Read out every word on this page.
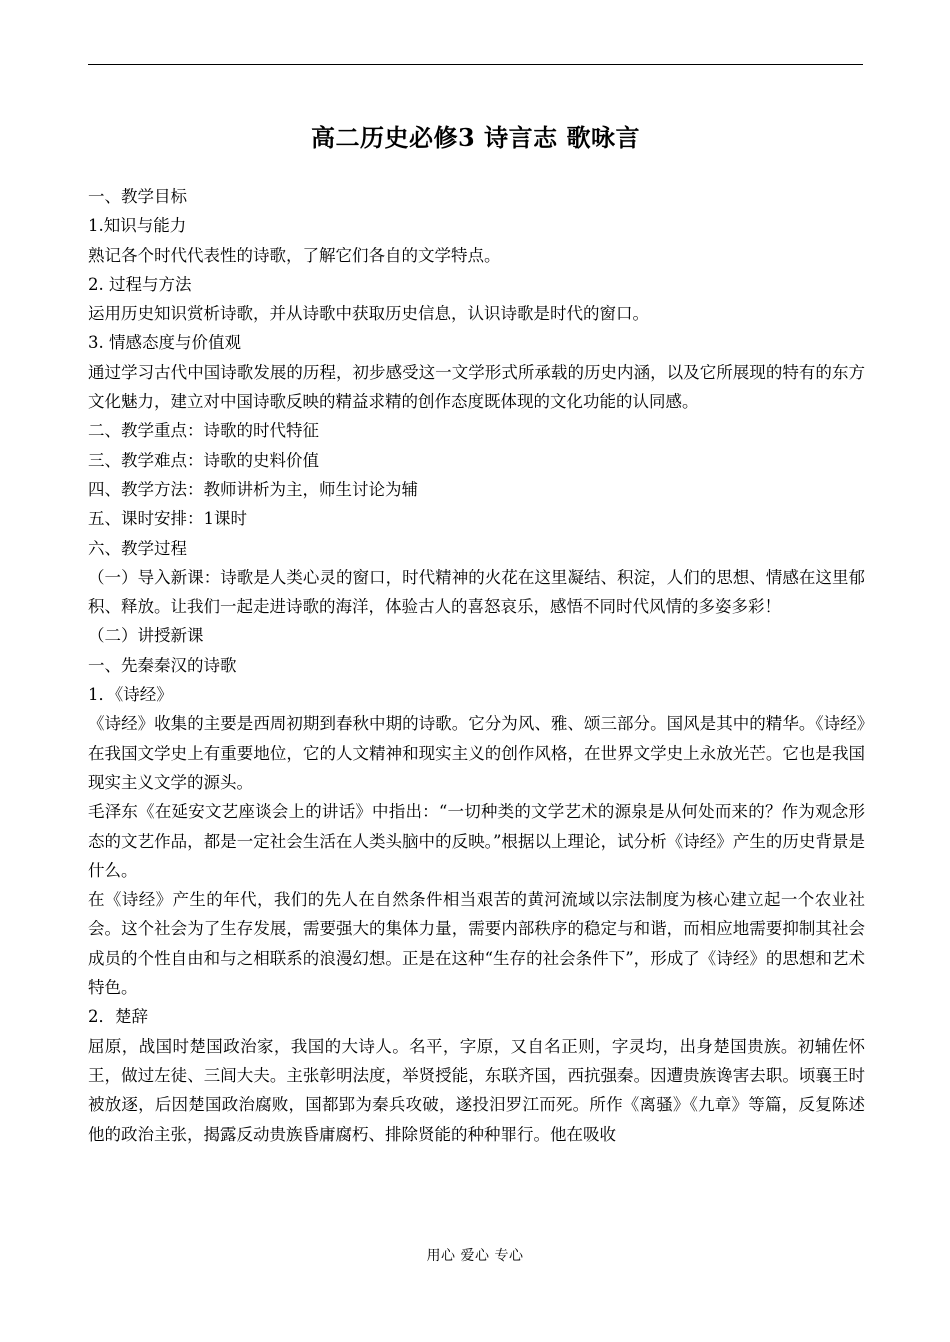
高二历史必修3 诗言志 歌咏言

一、教学目标

1.知识与能力

熟记各个时代代表性的诗歌，了解它们各自的文学特点。

2. 过程与方法

运用历史知识赏析诗歌，并从诗歌中获取历史信息，认识诗歌是时代的窗口。

3. 情感态度与价值观

通过学习古代中国诗歌发展的历程，初步感受这一文学形式所承载的历史内涵，以及它所展现的特有的东方文化魅力，建立对中国诗歌反映的精益求精的创作态度既体现的文化功能的认同感。

二、教学重点：诗歌的时代特征

三、教学难点：诗歌的史料价值

四、教学方法：教师讲析为主，师生讨论为辅

五、课时安排：1课时

六、教学过程

（一）导入新课：诗歌是人类心灵的窗口，时代精神的火花在这里凝结、积淀，人们的思想、情感在这里郁积、释放。让我们一起走进诗歌的海洋，体验古人的喜怒哀乐，感悟不同时代风情的多姿多彩！

（二）讲授新课

一、先秦秦汉的诗歌

1．《诗经》

《诗经》收集的主要是西周初期到春秋中期的诗歌。它分为风、雅、颂三部分。国风是其中的精华。《诗经》在我国文学史上有重要地位，它的人文精神和现实主义的创作风格，在世界文学史上永放光芒。它也是我国现实主义文学的源头。

毛泽东《在延安文艺座谈会上的讲话》中指出：“一切种类的文学艺术的源泉是从何处而来的？作为观念形态的文艺作品，都是一定社会生活在人类头脑中的反映。”根据以上理论，试分析《诗经》产生的历史背景是什么。

在《诗经》产生的年代，我们的先人在自然条件相当艰苦的黄河流域以宗法制度为核心建立起一个农业社会。这个社会为了生存发展，需要强大的集体力量，需要内部秩序的稳定与和谐，而相应地需要抑制其社会成员的个性自由和与之相联系的浪漫幻想。正是在这种“生存的社会条件下”，形成了《诗经》的思想和艺术特色。

2．楚辞

屈原，战国时楚国政治家，我国的大诗人。名平，字原，又自名正则，字灵均，出身楚国贵族。初辅佐怀王，做过左徒、三闾大夫。主张彰明法度，举贤授能，东联齐国，西抗强秦。因遭贵族谗害去职。顷襄王时被放逐，后因楚国政治腐败，国都郢为秦兵攻破，遂投汨罗江而死。所作《离骚》《九章》等篇，反复陈述他的政治主张，揭露反动贵族昏庸腐朽、排除贤能的种种罪行。他在吸收

用心 爱心 专心
